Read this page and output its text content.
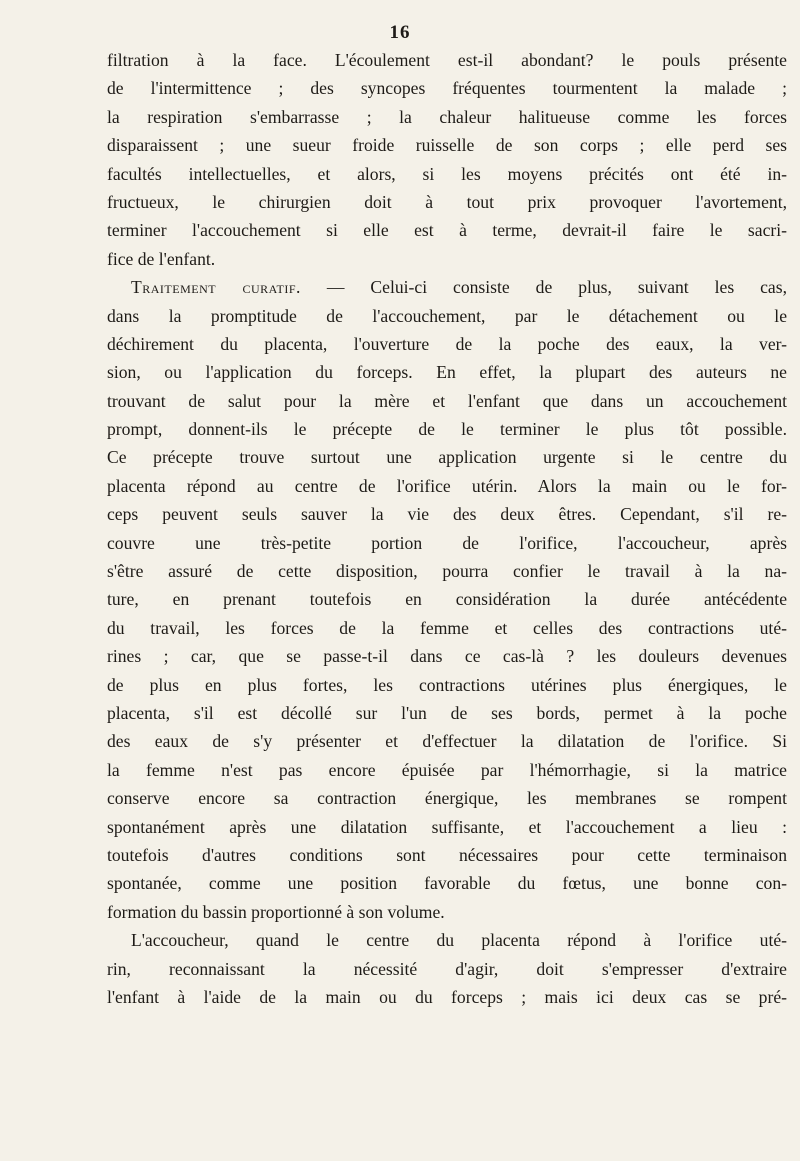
16
filtration à la face. L'écoulement est-il abondant? le pouls présente
de l'intermittence ; des syncopes fréquentes tourmentent la malade ;
la respiration s'embarrasse ; la chaleur halitueuse comme les forces
disparaissent ; une sueur froide ruisselle de son corps ; elle perd ses
facultés intellectuelles, et alors, si les moyens précités ont été in-
fructueux, le chirurgien doit à tout prix provoquer l'avortement,
terminer l'accouchement si elle est à terme, devrait-il faire le sacri-
fice de l'enfant.
Traitement curatif. — Celui-ci consiste de plus, suivant les cas,
dans la promptitude de l'accouchement, par le détachement ou le
déchirement du placenta, l'ouverture de la poche des eaux, la ver-
sion, ou l'application du forceps. En effet, la plupart des auteurs ne
trouvant de salut pour la mère et l'enfant que dans un accouchement
prompt, donnent-ils le précepte de le terminer le plus tôt possible.
Ce précepte trouve surtout une application urgente si le centre du
placenta répond au centre de l'orifice utérin. Alors la main ou le for-
ceps peuvent seuls sauver la vie des deux êtres. Cependant, s'il re-
couvre une très-petite portion de l'orifice, l'accoucheur, après
s'être assuré de cette disposition, pourra confier le travail à la na-
ture, en prenant toutefois en considération la durée antécédente
du travail, les forces de la femme et celles des contractions uté-
rines ; car, que se passe-t-il dans ce cas-là ? les douleurs devenues
de plus en plus fortes, les contractions utérines plus énergiques, le
placenta, s'il est décollé sur l'un de ses bords, permet à la poche
des eaux de s'y présenter et d'effectuer la dilatation de l'orifice. Si
la femme n'est pas encore épuisée par l'hémorrhagie, si la matrice
conserve encore sa contraction énergique, les membranes se rompent
spontanément après une dilatation suffisante, et l'accouchement a lieu :
toutefois d'autres conditions sont nécessaires pour cette terminaison
spontanée, comme une position favorable du fœtus, une bonne con-
formation du bassin proportionné à son volume.
L'accoucheur, quand le centre du placenta répond à l'orifice uté-
rin, reconnaissant la nécessité d'agir, doit s'empresser d'extraire
l'enfant à l'aide de la main ou du forceps ; mais ici deux cas se pré-
